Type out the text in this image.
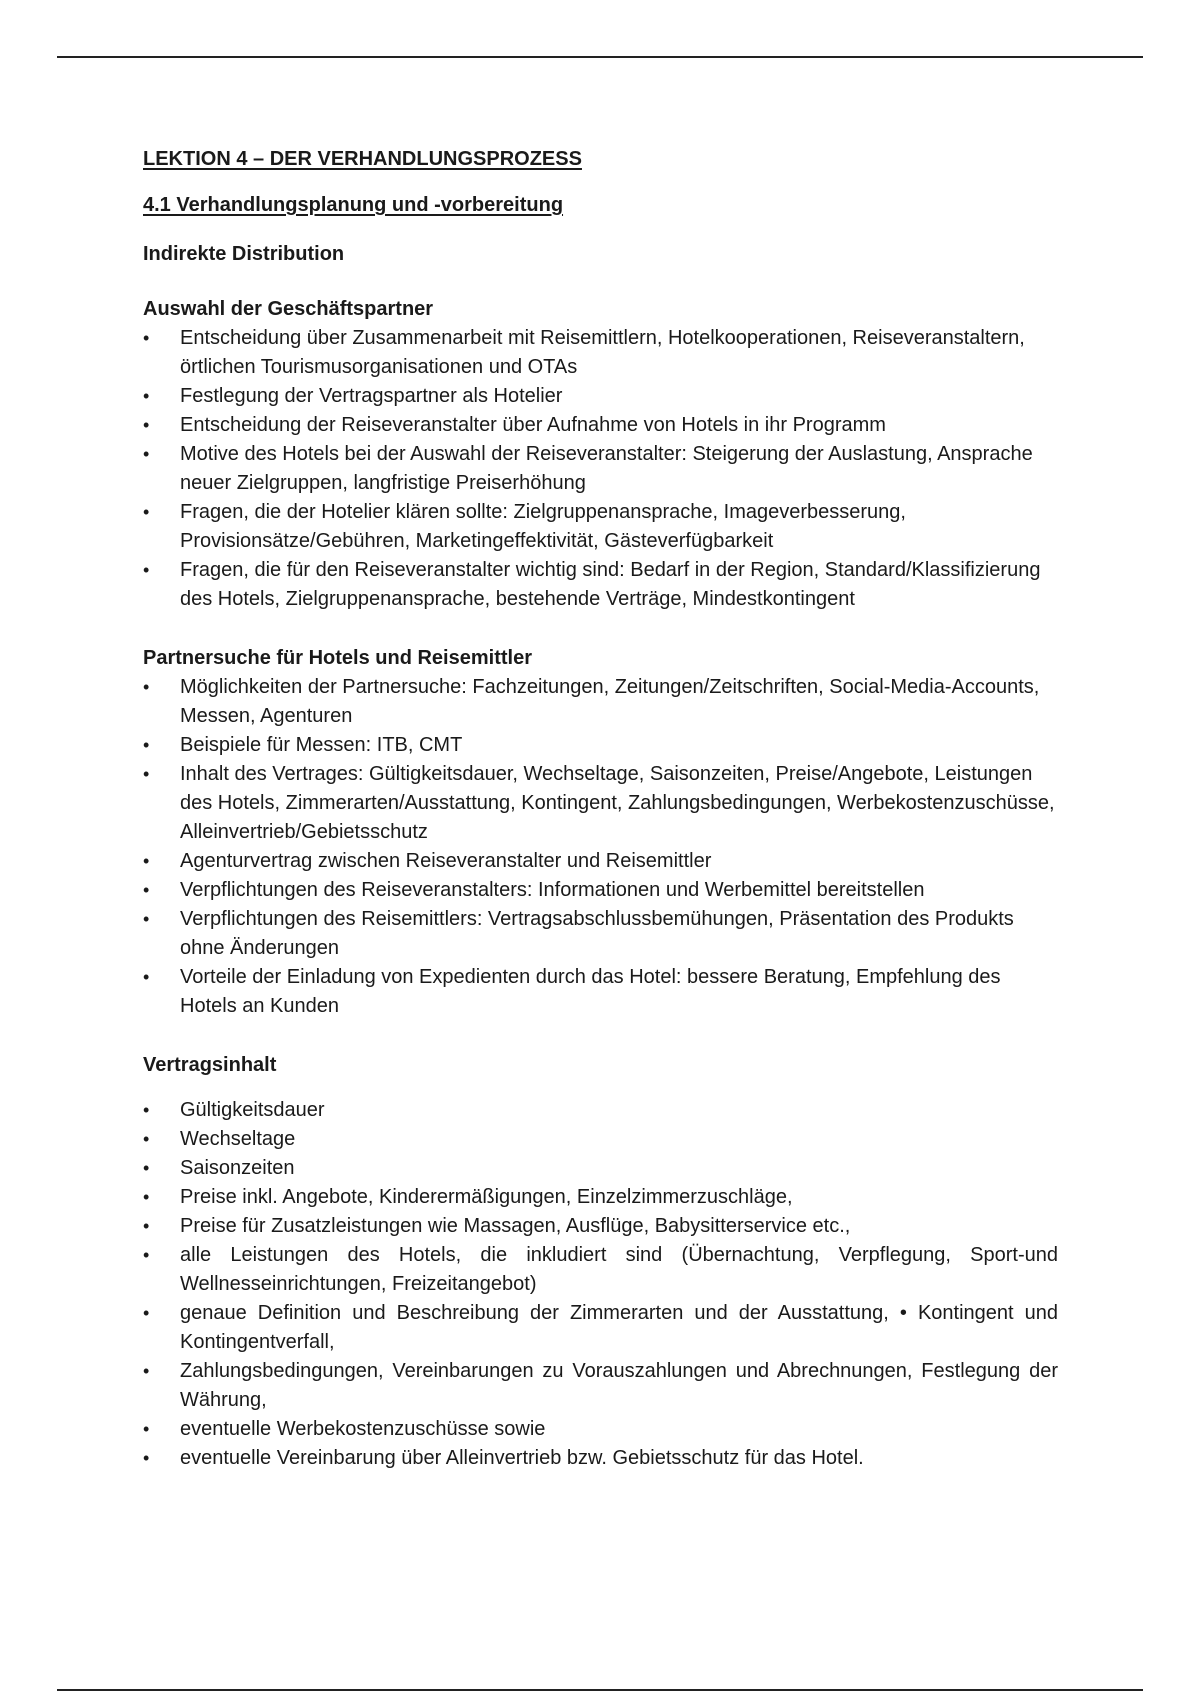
LEKTION 4 – DER VERHANDLUNGSPROZESS
4.1 Verhandlungsplanung und -vorbereitung
Indirekte Distribution
Auswahl der Geschäftspartner
• Entscheidung über Zusammenarbeit mit Reisemittlern, Hotelkooperationen, Reiseveranstaltern, örtlichen Tourismusorganisationen und OTAs
• Festlegung der Vertragspartner als Hotelier
• Entscheidung der Reiseveranstalter über Aufnahme von Hotels in ihr Programm
• Motive des Hotels bei der Auswahl der Reiseveranstalter: Steigerung der Auslastung, Ansprache neuer Zielgruppen, langfristige Preiserhöhung
• Fragen, die der Hotelier klären sollte: Zielgruppenansprache, Imageverbesserung, Provisionsätze/Gebühren, Marketingeffektivität, Gästeverfügbarkeit
• Fragen, die für den Reiseveranstalter wichtig sind: Bedarf in der Region, Standard/Klassifizierung des Hotels, Zielgruppenansprache, bestehende Verträge, Mindestkontingent
Partnersuche für Hotels und Reisemittler
• Möglichkeiten der Partnersuche: Fachzeitungen, Zeitungen/Zeitschriften, Social-Media-Accounts, Messen, Agenturen
• Beispiele für Messen: ITB, CMT
• Inhalt des Vertrages: Gültigkeitsdauer, Wechseltage, Saisonzeiten, Preise/Angebote, Leistungen des Hotels, Zimmerarten/Ausstattung, Kontingent, Zahlungsbedingungen, Werbekostenzuschüsse, Alleinvertrieb/Gebietsschutz
• Agenturvertrag zwischen Reiseveranstalter und Reisemittler
• Verpflichtungen des Reiseveranstalters: Informationen und Werbemittel bereitstellen
• Verpflichtungen des Reisemittlers: Vertragsabschlussbemühungen, Präsentation des Produkts ohne Änderungen
• Vorteile der Einladung von Expedienten durch das Hotel: bessere Beratung, Empfehlung des Hotels an Kunden
Vertragsinhalt
• Gültigkeitsdauer
• Wechseltage
• Saisonzeiten
• Preise inkl. Angebote, Kinderermäßigungen, Einzelzimmerzuschläge,
• Preise für Zusatzleistungen wie Massagen, Ausflüge, Babysitterservice etc.,
• alle Leistungen des Hotels, die inkludiert sind (Übernachtung, Verpflegung, Sport-und Wellnesseinrichtungen, Freizeitangebot)
• genaue Definition und Beschreibung der Zimmerarten und der Ausstattung, • Kontingent und Kontingentverfall,
• Zahlungsbedingungen, Vereinbarungen zu Vorauszahlungen und Abrechnungen, Festlegung der Währung,
• eventuelle Werbekostenzuschüsse sowie
• eventuelle Vereinbarung über Alleinvertrieb bzw. Gebietsschutz für das Hotel.
